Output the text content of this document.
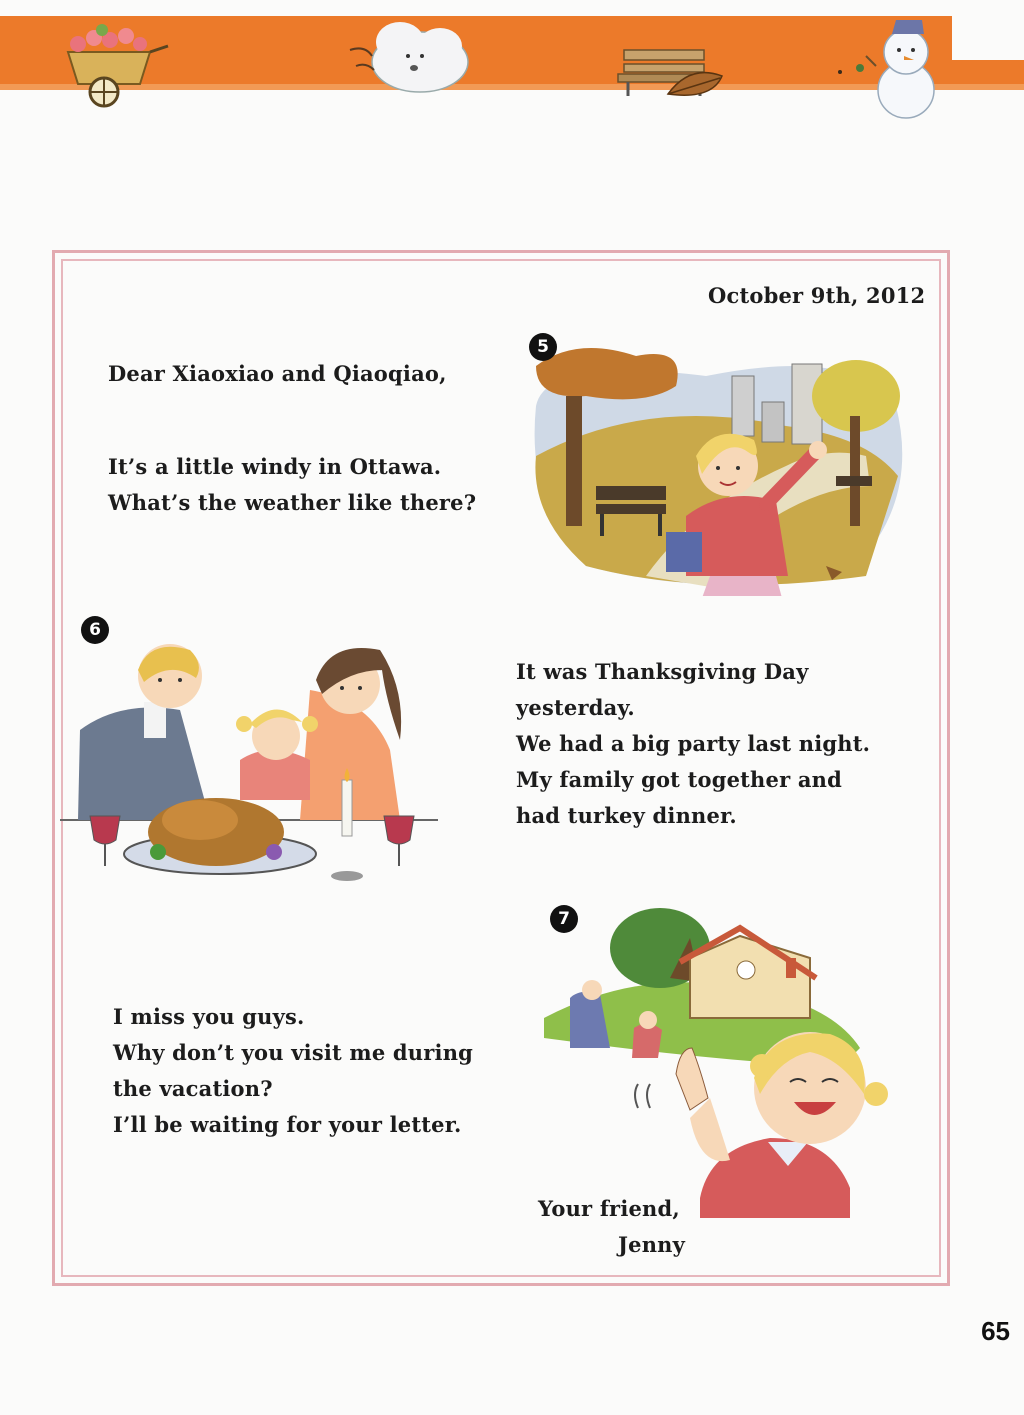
October 9th, 2012
Dear Xiaoxiao and Qiaoqiao,
It’s a little windy in Ottawa.
What’s the weather like there?
It was Thanksgiving Day
yesterday.
We had a big party last night.
My family got together and
had turkey dinner.
I miss you guys.
Why don’t you visit me during
the vacation?
I’ll be waiting for your letter.
Your friend,
Jenny
5
6
7
65
